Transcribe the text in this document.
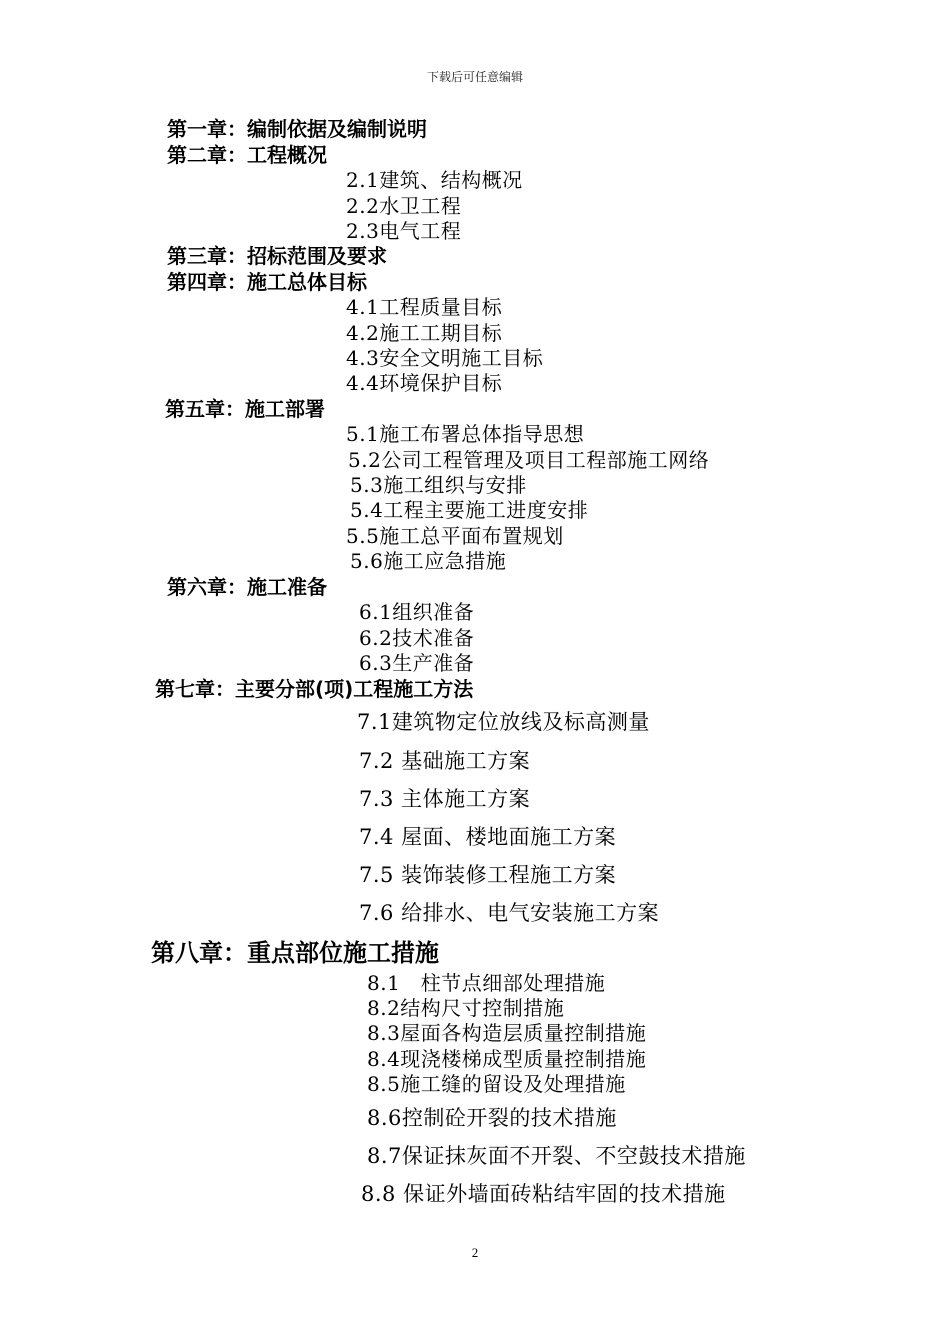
下载后可任意编辑
第一章：编制依据及编制说明
第二章：工程概况
2.1建筑、结构概况
2.2水卫工程
2.3电气工程
第三章：招标范围及要求
第四章：施工总体目标
4.1工程质量目标
4.2施工工期目标
4.3安全文明施工目标
4.4环境保护目标
第五章：施工部署
5.1施工布署总体指导思想
5.2公司工程管理及项目工程部施工网络
5.3施工组织与安排
5.4工程主要施工进度安排
5.5施工总平面布置规划
5.6施工应急措施
第六章：施工准备
6.1组织准备
6.2技术准备
6.3生产准备
第七章：主要分部(项)工程施工方法
7.1建筑物定位放线及标高测量
7.2 基础施工方案
7.3 主体施工方案
7.4 屋面、楼地面施工方案
7.5 装饰装修工程施工方案
7.6 给排水、电气安装施工方案
第八章：重点部位施工措施
8.1　柱节点细部处理措施
8.2结构尺寸控制措施
8.3屋面各构造层质量控制措施
8.4现浇楼梯成型质量控制措施
8.5施工缝的留设及处理措施
8.6控制砼开裂的技术措施
8.7保证抹灰面不开裂、不空鼓技术措施
8.8 保证外墙面砖粘结牢固的技术措施
2
